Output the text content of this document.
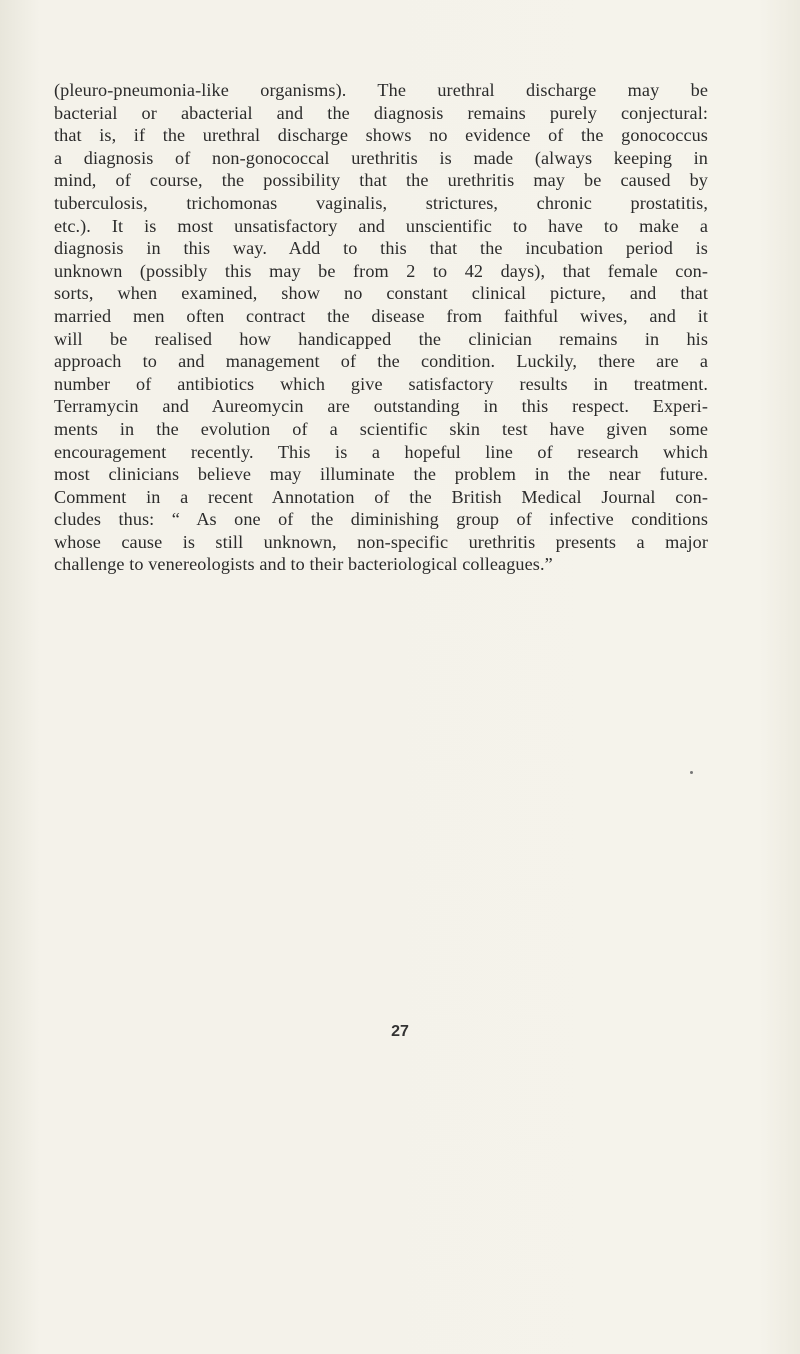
(pleuro-pneumonia-like organisms). The urethral discharge may be
bacterial or abacterial and the diagnosis remains purely conjectural:
that is, if the urethral discharge shows no evidence of the gonococcus
a diagnosis of non-gonococcal urethritis is made (always keeping in
mind, of course, the possibility that the urethritis may be caused by
tuberculosis, trichomonas vaginalis, strictures, chronic prostatitis,
etc.). It is most unsatisfactory and unscientific to have to make a
diagnosis in this way. Add to this that the incubation period is
unknown (possibly this may be from 2 to 42 days), that female con-
sorts, when examined, show no constant clinical picture, and that
married men often contract the disease from faithful wives, and it
will be realised how handicapped the clinician remains in his
approach to and management of the condition. Luckily, there are a
number of antibiotics which give satisfactory results in treatment.
Terramycin and Aureomycin are outstanding in this respect. Experi-
ments in the evolution of a scientific skin test have given some
encouragement recently. This is a hopeful line of research which
most clinicians believe may illuminate the problem in the near future.
Comment in a recent Annotation of the British Medical Journal con-
cludes thus: “ As one of the diminishing group of infective conditions
whose cause is still unknown, non-specific urethritis presents a major
challenge to venereologists and to their bacteriological colleagues.”
27
